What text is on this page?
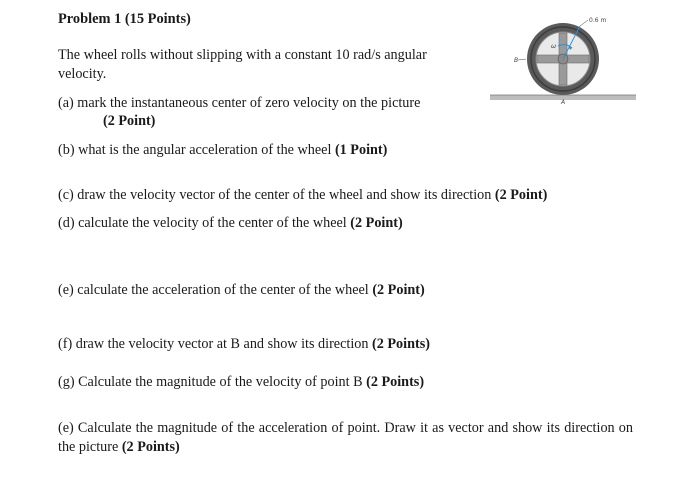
Problem 1 (15 Points)
The wheel rolls without slipping with a constant 10 rad/s angular velocity.
(a) mark the instantaneous center of zero velocity on the picture
(2 Point)
(b) what is the angular acceleration of the wheel (1 Point)
(c) draw the velocity vector of the center of the wheel and show its direction (2 Point)
(d) calculate the velocity of the center of the wheel (2 Point)
(e) calculate the acceleration of the center of the wheel (2 Point)
(f) draw the velocity vector at B and show its direction (2 Points)
(g) Calculate the magnitude of the velocity of point B (2 Points)
(e) Calculate the magnitude of the acceleration of point. Draw it as vector and show its direction on the picture (2 Points)
ω
0.6 m
B
A
